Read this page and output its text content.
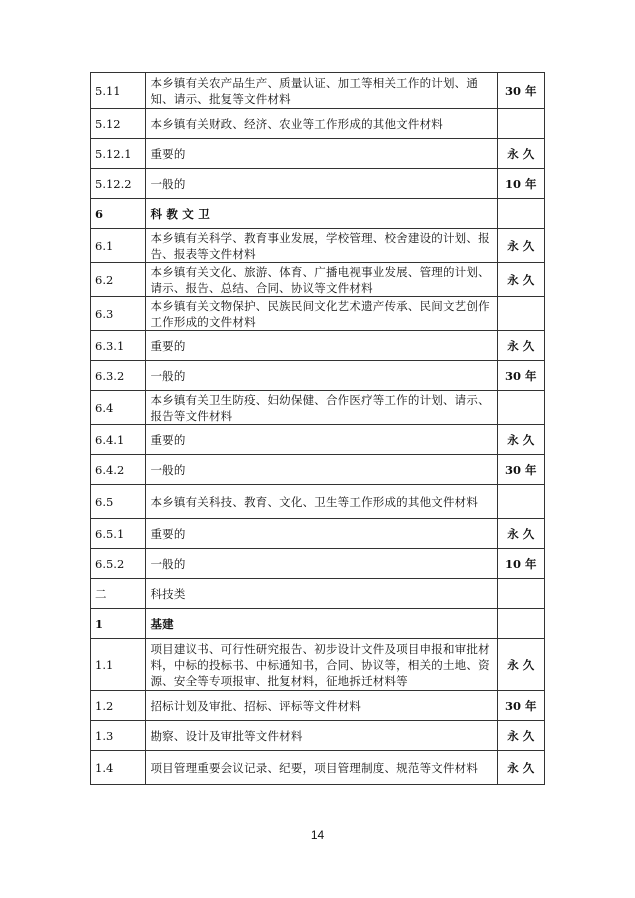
5.11	本乡镇有关农产品生产、质量认证、加工等相关工作的计划、通知、请示、批复等文件材料	30 年
5.12	本乡镇有关财政、经济、农业等工作形成的其他文件材料	
5.12.1	重要的	永 久
5.12.2	一般的	10 年
6	科 教 文 卫	
6.1	本乡镇有关科学、教育事业发展，学校管理、校舍建设的计划、报告、报表等文件材料	永 久
6.2	本乡镇有关文化、旅游、体育、广播电视事业发展、管理的计划、请示、报告、总结、合同、协议等文件材料	永 久
6.3	本乡镇有关文物保护、民族民间文化艺术遗产传承、民间文艺创作工作形成的文件材料	
6.3.1	重要的	永 久
6.3.2	一般的	30 年
6.4	本乡镇有关卫生防疫、妇幼保健、合作医疗等工作的计划、请示、报告等文件材料	
6.4.1	重要的	永 久
6.4.2	一般的	30 年
6.5	本乡镇有关科技、教育、文化、卫生等工作形成的其他文件材料	
6.5.1	重要的	永 久
6.5.2	一般的	10 年
二	科技类	
1	基建	
1.1	项目建议书、可行性研究报告、初步设计文件及项目申报和审批材料，中标的投标书、中标通知书，合同、协议等，相关的土地、资源、安全等专项报审、批复材料，征地拆迁材料等	永 久
1.2	招标计划及审批、招标、评标等文件材料	30 年
1.3	勘察、设计及审批等文件材料	永 久
1.4	项目管理重要会议记录、纪要，项目管理制度、规范等文件材料	永 久
14
